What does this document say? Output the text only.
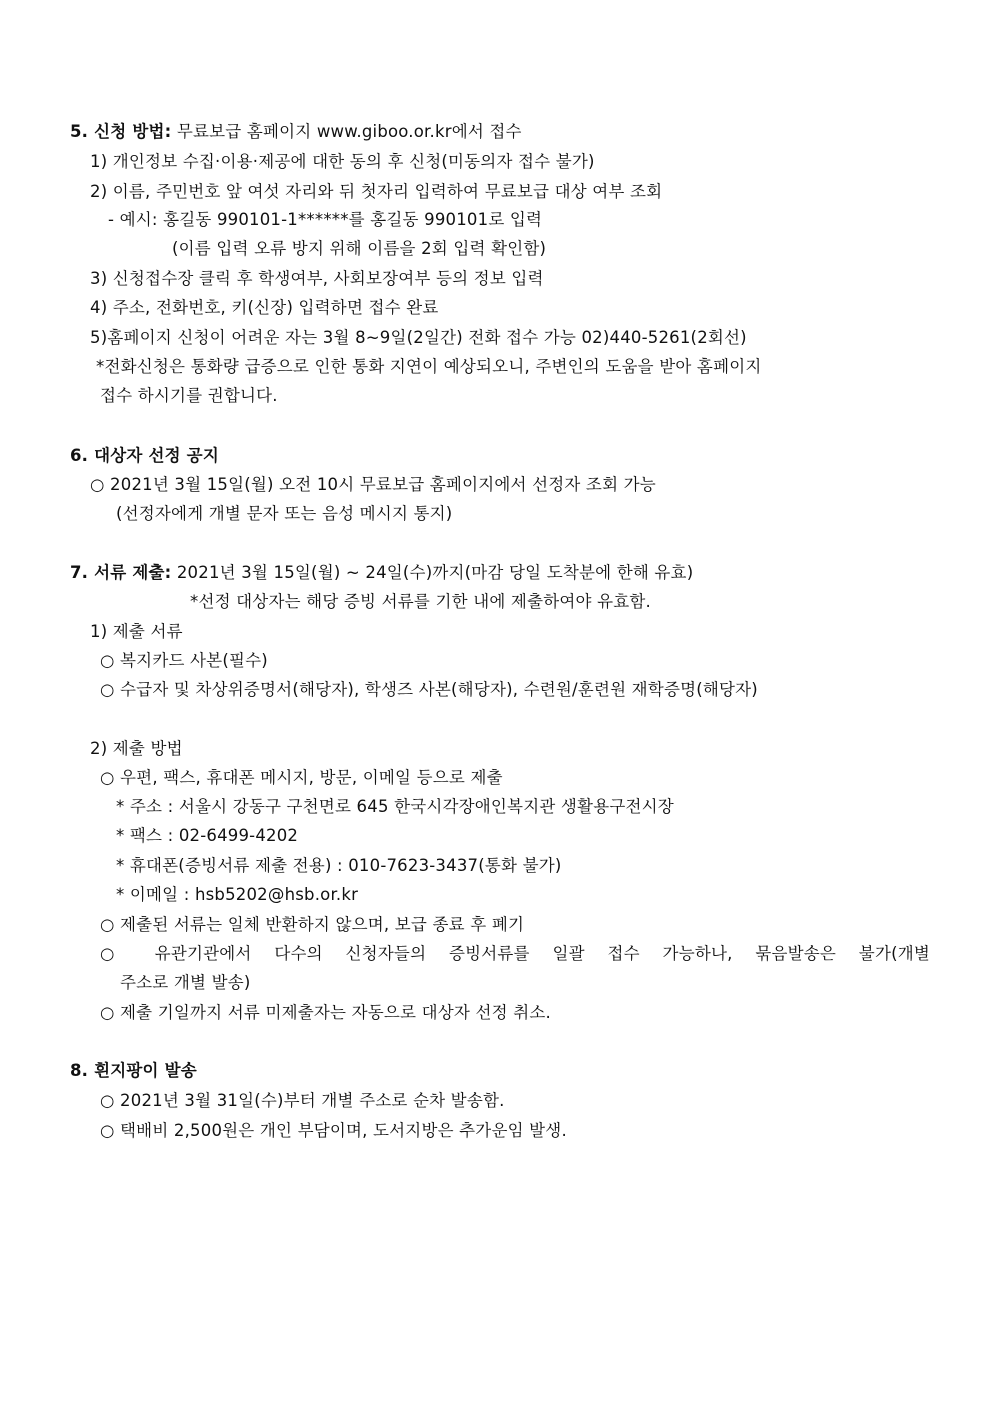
5. 신청 방법: 무료보급 홈페이지 www.giboo.or.kr에서 접수
1) 개인정보 수집·이용·제공에 대한 동의 후 신청(미동의자 접수 불가)
2) 이름, 주민번호 앞 여섯 자리와 뒤 첫자리 입력하여 무료보급 대상 여부 조회
- 예시: 홍길동 990101-1******를 홍길동 990101로 입력
(이름 입력 오류 방지 위해 이름을 2회 입력 확인함)
3) 신청접수장 클릭 후 학생여부, 사회보장여부 등의 정보 입력
4) 주소, 전화번호, 키(신장) 입력하면 접수 완료
5)홈페이지 신청이 어려운 자는 3월 8~9일(2일간) 전화 접수 가능 02)440-5261(2회선)
*전화신청은 통화량 급증으로 인한 통화 지연이 예상되오니, 주변인의 도움을 받아 홈페이지
접수 하시기를 권합니다.
6. 대상자 선정 공지
○ 2021년 3월 15일(월) 오전 10시 무료보급 홈페이지에서 선정자 조회 가능
(선정자에게 개별 문자 또는 음성 메시지 통지)
7. 서류 제출: 2021년 3월 15일(월) ~ 24일(수)까지(마감 당일 도착분에 한해 유효)
*선정 대상자는 해당 증빙 서류를 기한 내에 제출하여야 유효함.
1) 제출 서류
○ 복지카드 사본(필수)
○ 수급자 및 차상위증명서(해당자), 학생즈 사본(해당자), 수련원/훈련원 재학증명(해당자)
2) 제출 방법
○ 우편, 팩스, 휴대폰 메시지, 방문, 이메일 등으로 제출
* 주소 : 서울시 강동구 구천면로 645 한국시각장애인복지관 생활용구전시장
* 팩스 : 02-6499-4202
* 휴대폰(증빙서류 제출 전용) : 010-7623-3437(통화 불가)
* 이메일 : hsb5202@hsb.or.kr
○ 제출된 서류는 일체 반환하지 않으며, 보급 종료 후 폐기
○ 유관기관에서 다수의 신청자들의 증빙서류를 일괄 접수 가능하나, 묶음발송은 불가(개별
주소로 개별 발송)
○ 제출 기일까지 서류 미제출자는 자동으로 대상자 선정 취소.
8. 흰지팡이 발송
○ 2021년 3월 31일(수)부터 개별 주소로 순차 발송함.
○ 택배비 2,500원은 개인 부담이며, 도서지방은 추가운임 발생.
